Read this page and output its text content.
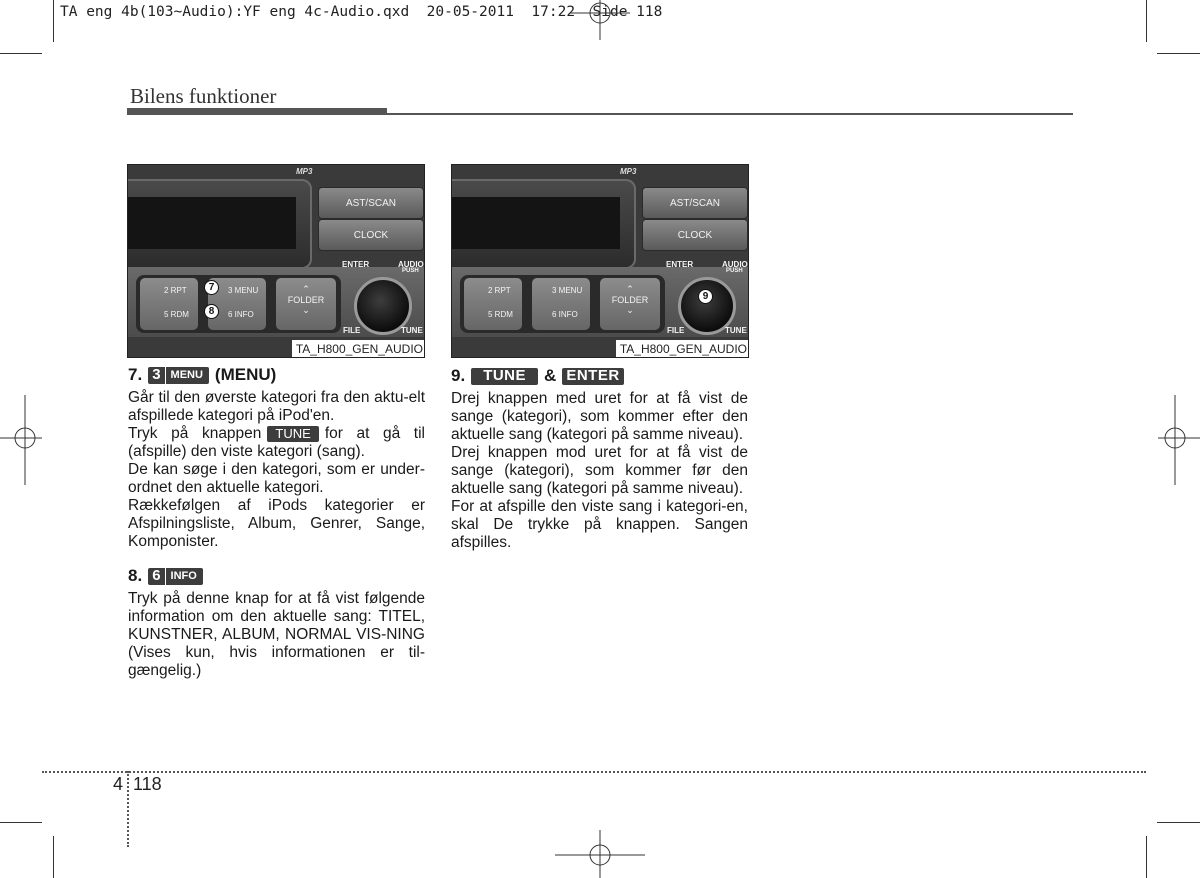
TA eng 4b(103~Audio):YF eng 4c-Audio.qxd  20-05-2011  17:22  Side 118
Bilens funktioner
MP3
AST/SCAN
CLOCK
2 RPT
5 RDM
3 MENU
6 INFO
⌃
FOLDER
⌄
ENTER	AUDIO
PUSH
FILE	TUNE
7
8
TA_H800_GEN_AUDIO
MP3
AST/SCAN
CLOCK
2 RPT
5 RDM
3 MENU
6 INFO
⌃
FOLDER
⌄
ENTER	AUDIO
PUSH
FILE	TUNE
9
TA_H800_GEN_AUDIO
7. 3 MENU (MENU)

Går til den øverste kategori fra den aktu-elt afspillede kategori på iPod'en.

Tryk på knappen TUNE for at gå til (afspille) den viste kategori (sang).

De kan søge i den kategori, som er under-ordnet den aktuelle kategori.

Rækkefølgen af iPods kategorier er Afspilningsliste, Album, Genrer, Sange, Komponister.

8. 6 INFO

Tryk på denne knap for at få vist følgende information om den aktuelle sang: TITEL, KUNSTNER, ALBUM, NORMAL VIS-NING (Vises kun, hvis informationen er til-gængelig.)

9.	TUNE	& ENTER

Drej knappen med uret for at få vist de sange (kategori), som kommer efter den aktuelle sang (kategori på samme niveau).

Drej knappen mod uret for at få vist de sange (kategori), som kommer før den aktuelle sang (kategori på samme niveau).

For at afspille den viste sang i kategori-en, skal De trykke på knappen. Sangen afspilles.

4 118
